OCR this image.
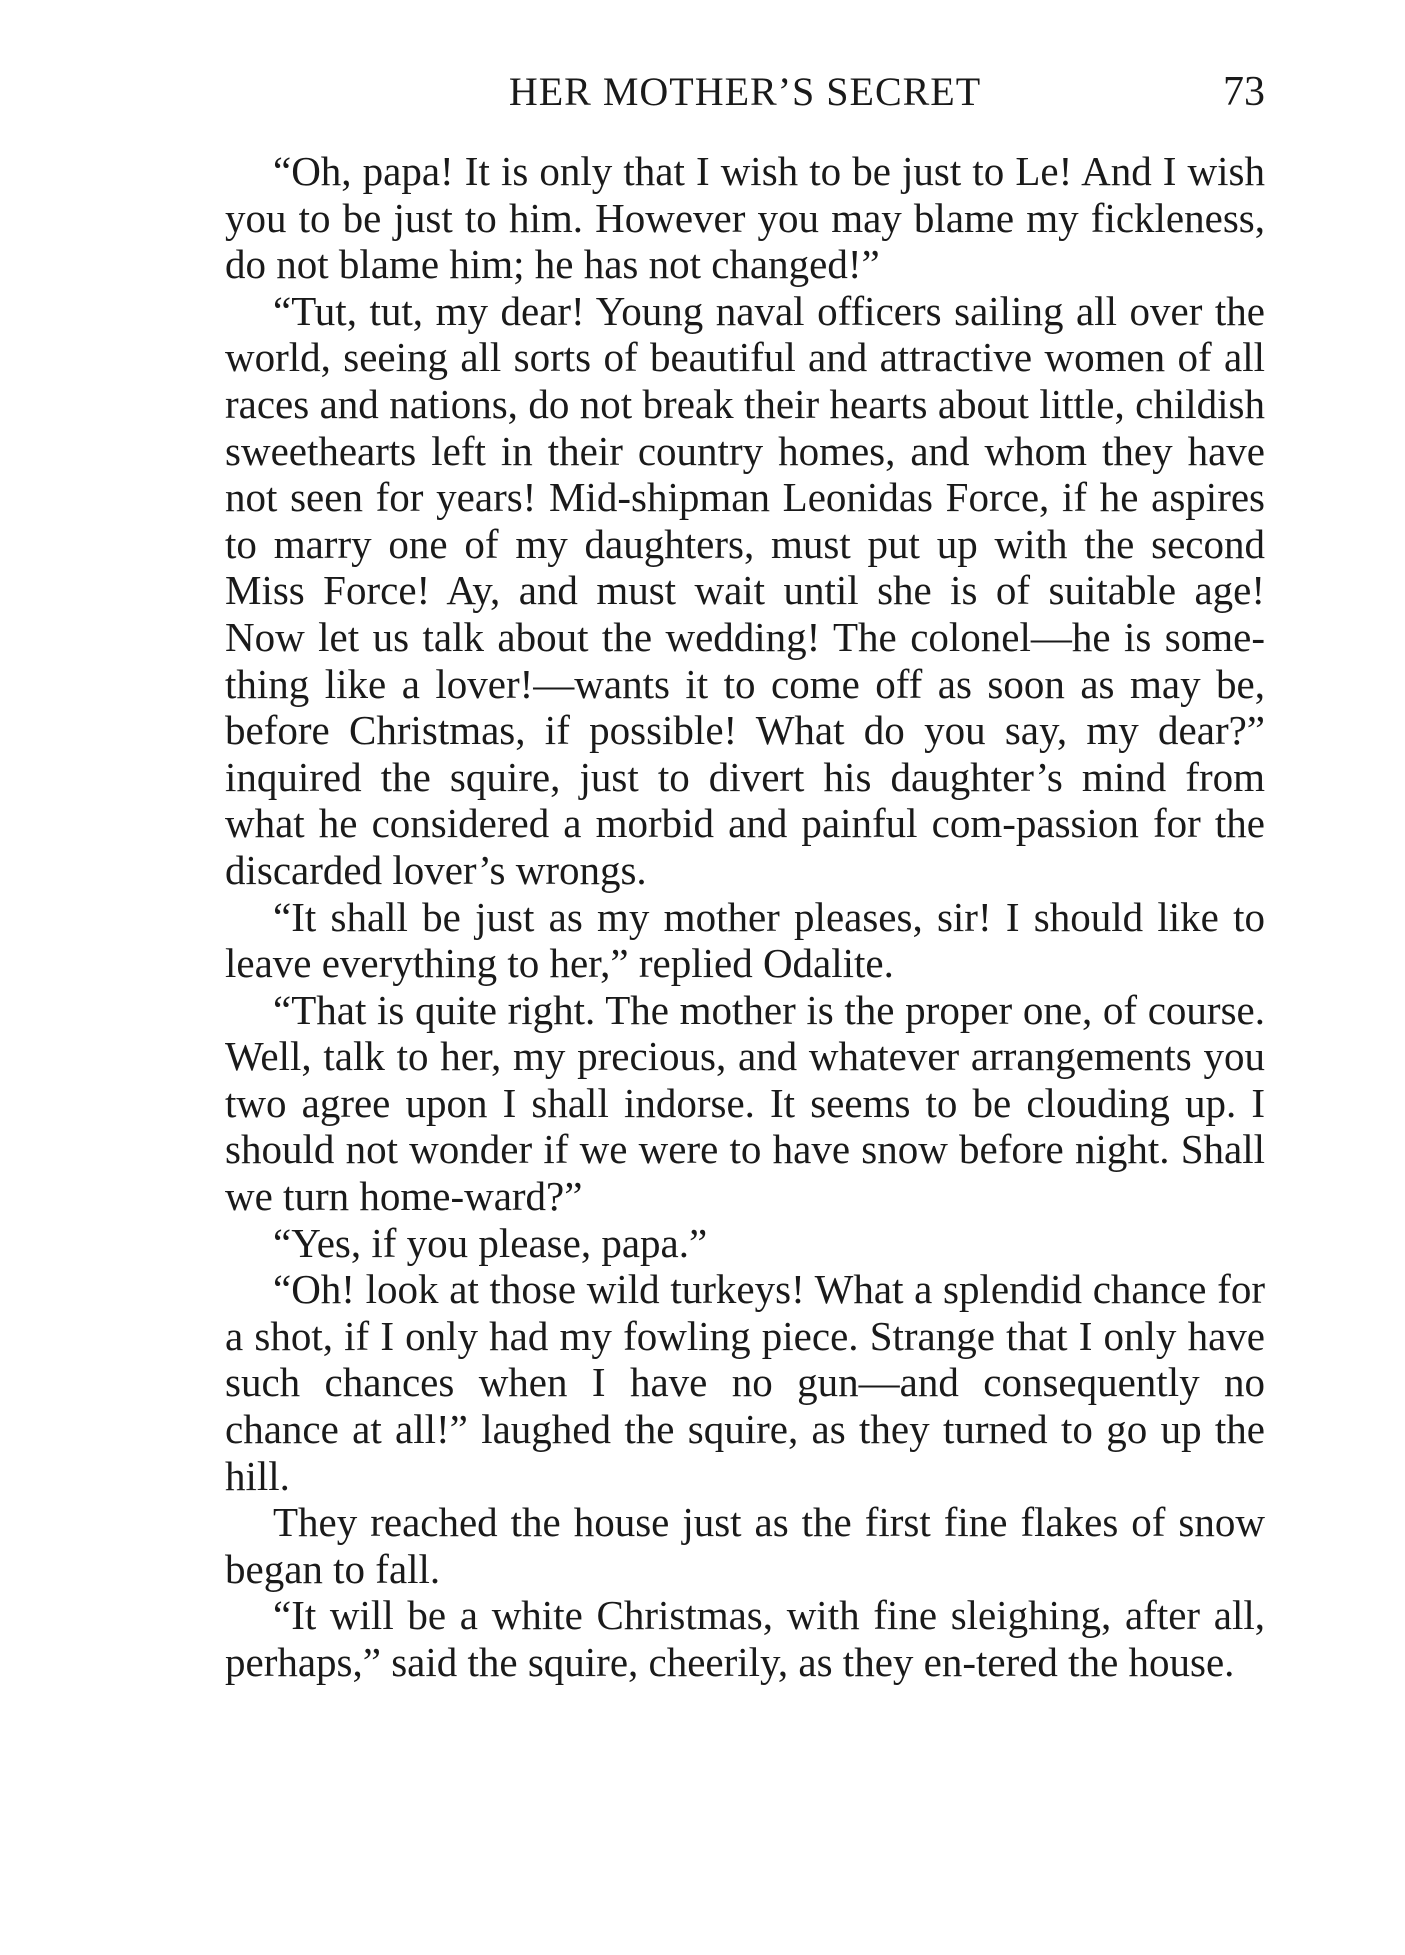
HER MOTHER’S SECRET	73

“Oh, papa! It is only that I wish to be just to Le! And I wish you to be just to him. However you may blame my fickleness, do not blame him; he has not changed!”

“Tut, tut, my dear! Young naval officers sailing all over the world, seeing all sorts of beautiful and attractive women of all races and nations, do not break their hearts about little, childish sweethearts left in their country homes, and whom they have not seen for years! Mid-shipman Leonidas Force, if he aspires to marry one of my daughters, must put up with the second Miss Force! Ay, and must wait until she is of suitable age! Now let us talk about the wedding! The colonel—he is some-thing like a lover!—wants it to come off as soon as may be, before Christmas, if possible! What do you say, my dear?” inquired the squire, just to divert his daughter’s mind from what he considered a morbid and painful com-passion for the discarded lover’s wrongs.

“It shall be just as my mother pleases, sir! I should like to leave everything to her,” replied Odalite.

“That is quite right. The mother is the proper one, of course. Well, talk to her, my precious, and whatever arrangements you two agree upon I shall indorse. It seems to be clouding up. I should not wonder if we were to have snow before night. Shall we turn home-ward?”

“Yes, if you please, papa.”

“Oh! look at those wild turkeys! What a splendid chance for a shot, if I only had my fowling piece. Strange that I only have such chances when I have no gun—and consequently no chance at all!” laughed the squire, as they turned to go up the hill.

They reached the house just as the first fine flakes of snow began to fall.

“It will be a white Christmas, with fine sleighing, after all, perhaps,” said the squire, cheerily, as they en-tered the house.
